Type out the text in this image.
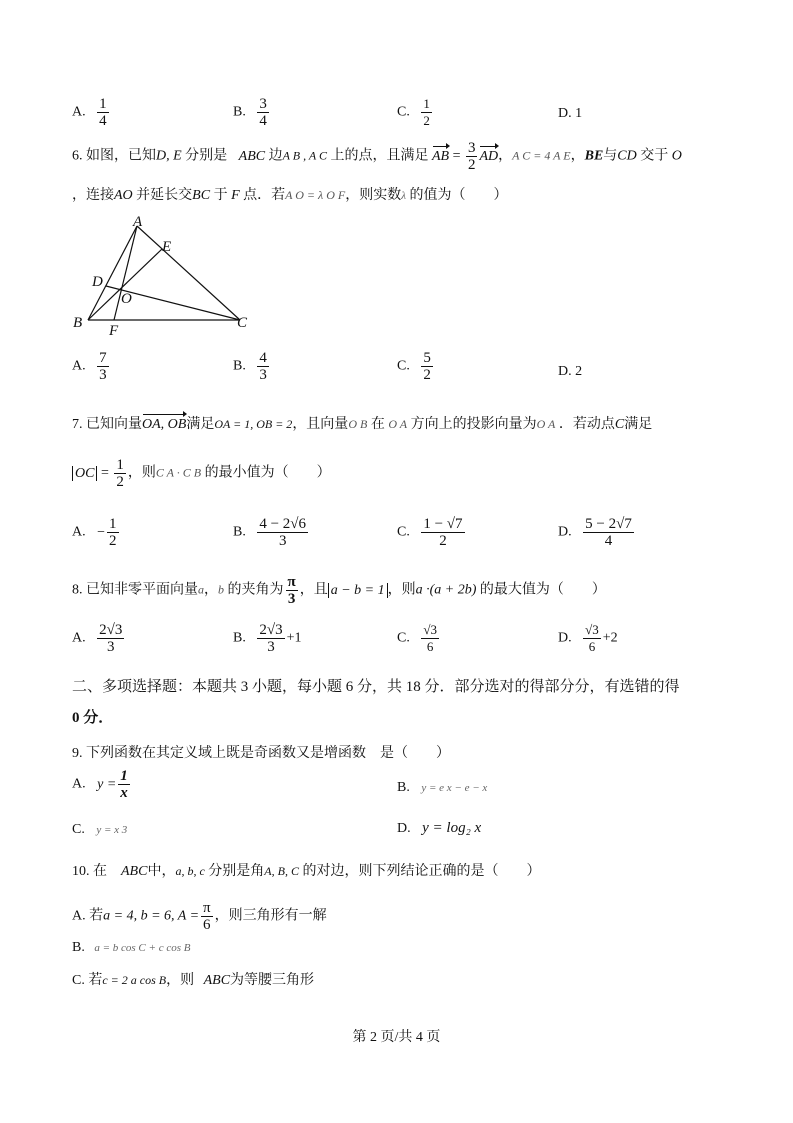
A. $\frac{1}{4}$	B. $\frac{3}{4}$	C. $\frac{1}{2}$	D. 1
6. 如图，已知D, E 分别是 ABC 边A B , A C 上的点，且满足 AB = $\frac{3}{2}$ AD，A C = 4 A E，BE与CD 交于 O
，连接AO 并延长交BC 于 F 点．若A O = λ O F，则实数λ 的值为（　　）
A
E
D
O
B F	C
A. $\frac{7}{3}$	B. $\frac{4}{3}$	C. $\frac{5}{2}$	D. 2
7. 已知向量OA, OB满足OA = 1, OB = 2，且向量O B 在 O A 方向上的投影向量为O A ．若动点C满足
OC = $\frac{1}{2}$ ，则C A · C B 的最小值为（　　）
A. − $\frac{1}{2}$	B. $\frac{4 - 2√6}{3}$	C. $\frac{1 - √7}{2}$	D. $\frac{5 - 2√7}{4}$
8. 已知非零平面向量a，b 的夹角为 $\frac{\pi}{3}$ ，且 a − b = 1 ，则a ·(a + 2b) 的最大值为（　　）
A. $\frac{2√3}{3}$	B. $\frac{2√3}{3} +1$	C. $\frac{√3}{6}$	D. $\frac{√3}{6} +2$
二、多项选择题：本题共 3 小题，每小题 6 分，共 18 分．部分选对的得部分分，有选错的得
0 分．
9. 下列函数在其定义域上既是奇函数又是增函数　是（　　）
A. $y = \frac{1}{x}$	B. y = e x − e − x
C. y = x 3	D. y = log₂ x
10. 在　ABC中，a, b, c 分别是角A, B, C 的对边，则下列结论正确的是（　　）
A. 若a = 4, b = 6, $A = \frac{\pi}{6}$ ，则三角形有一解
B. a = b cos C + c cos B
C. 若c = 2 a cos B，则 ABC为等腰三角形
第 2 页/共 4 页
